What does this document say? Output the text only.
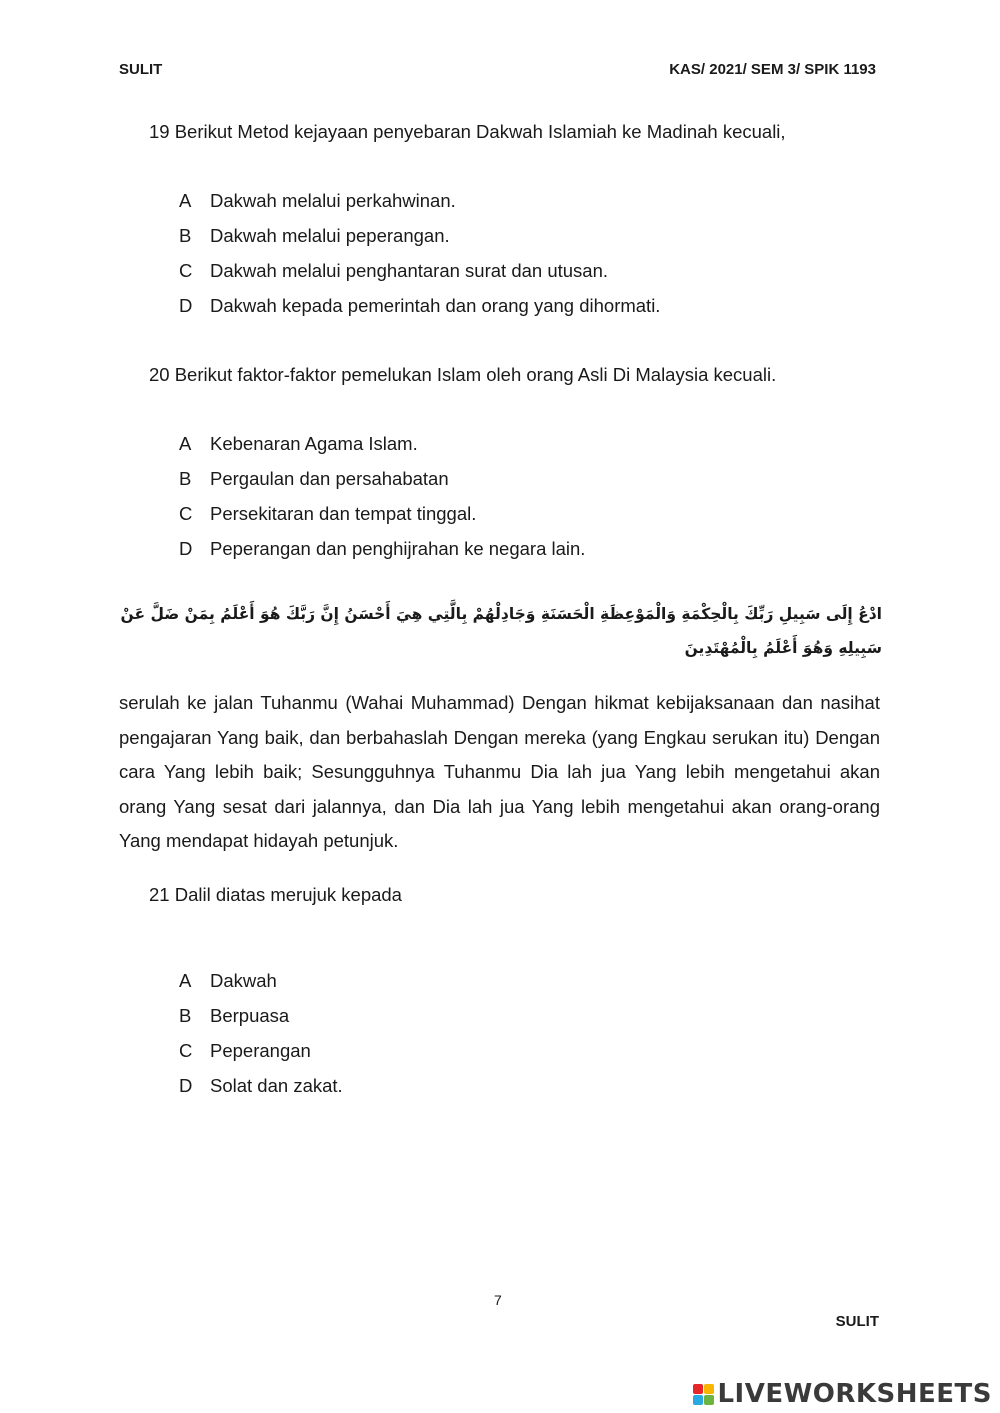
SULIT	KAS/ 2021/ SEM 3/ SPIK 1193
19 Berikut Metod kejayaan penyebaran Dakwah Islamiah ke Madinah kecuali,
A Dakwah melalui perkahwinan.
B Dakwah melalui peperangan.
C Dakwah melalui penghantaran surat dan utusan.
D Dakwah kepada pemerintah dan orang yang dihormati.
20 Berikut faktor-faktor pemelukan Islam oleh orang Asli Di Malaysia kecuali.
A Kebenaran Agama Islam.
B Pergaulan dan persahabatan
C Persekitaran dan tempat tinggal.
D Peperangan dan penghijrahan ke negara lain.
ادْعُ إِلَى سَبِيلِ رَبِّكَ بِالْحِكْمَةِ وَالْمَوْعِظَةِ الْحَسَنَةِ وَجَادِلْهُمْ بِالَّتِي هِيَ أَحْسَنُ إِنَّ رَبَّكَ هُوَ أَعْلَمُ بِمَنْ ضَلَّ عَنْ سَبِيلِهِ وَهُوَ أَعْلَمُ بِالْمُهْتَدِينَ
serulah ke jalan Tuhanmu (Wahai Muhammad) Dengan hikmat kebijaksanaan dan nasihat pengajaran Yang baik, dan berbahaslah Dengan mereka (yang Engkau serukan itu) Dengan cara Yang lebih baik; Sesungguhnya Tuhanmu Dia lah jua Yang lebih mengetahui akan orang Yang sesat dari jalannya, dan Dia lah jua Yang lebih mengetahui akan orang-orang Yang mendapat hidayah petunjuk.
21 Dalil diatas merujuk kepada
A Dakwah
B Berpuasa
C Peperangan
D Solat dan zakat.
7
SULIT
LIVEWORKSHEETS
